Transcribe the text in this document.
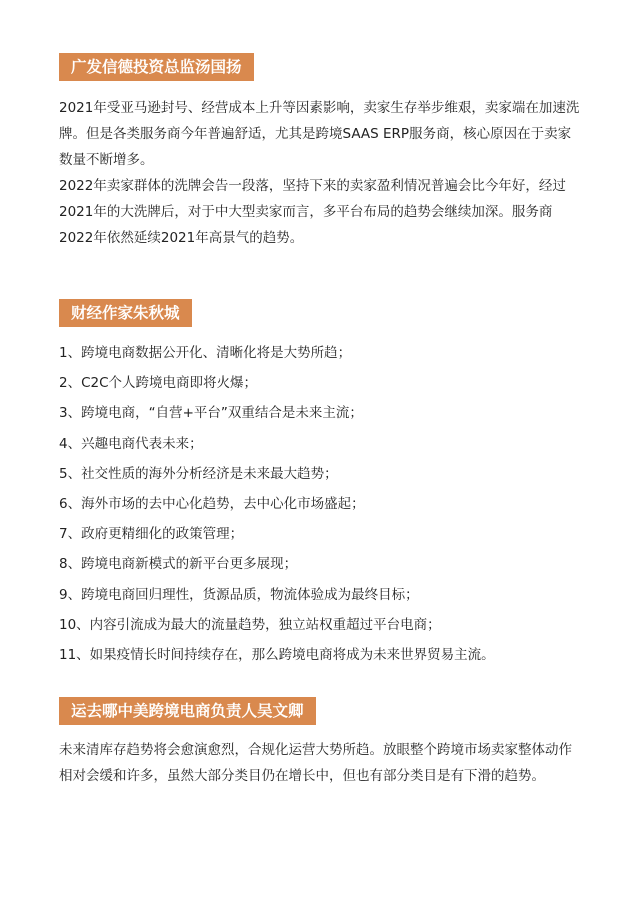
广发信德投资总监汤国扬

2021年受亚马逊封号、经营成本上升等因素影响，卖家生存举步维艰，卖家端在加速洗牌。但是各类服务商今年普遍舒适，尤其是跨境SAAS ERP服务商，核心原因在于卖家数量不断增多。

2022年卖家群体的洗牌会告一段落，坚持下来的卖家盈利情况普遍会比今年好，经过2021年的大洗牌后，对于中大型卖家而言，多平台布局的趋势会继续加深。服务商2022年依然延续2021年高景气的趋势。

财经作家朱秋城
1、跨境电商数据公开化、清晰化将是大势所趋；
2、C2C个人跨境电商即将火爆；
3、跨境电商，“自营+平台”双重结合是未来主流；
4、兴趣电商代表未来；
5、社交性质的海外分析经济是未来最大趋势；
6、海外市场的去中心化趋势，去中心化市场盛起；
7、政府更精细化的政策管理；
8、跨境电商新模式的新平台更多展现；
9、跨境电商回归理性，货源品质，物流体验成为最终目标；
10、内容引流成为最大的流量趋势，独立站权重超过平台电商；
11、如果疫情长时间持续存在，那么跨境电商将成为未来世界贸易主流。
运去哪中美跨境电商负责人吴文卿

未来清库存趋势将会愈演愈烈，合规化运营大势所趋。放眼整个跨境市场卖家整体动作相对会缓和许多，虽然大部分类目仍在增长中，但也有部分类目是有下滑的趋势。
